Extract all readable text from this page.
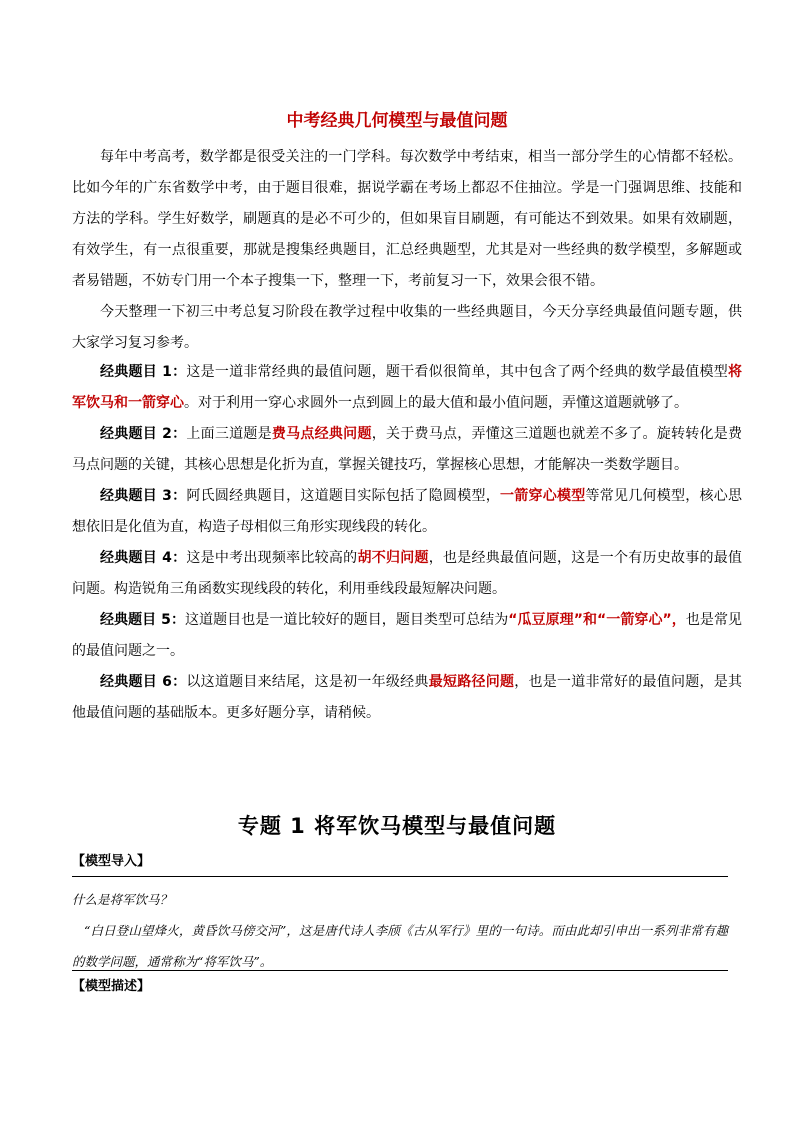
中考经典几何模型与最值问题

每年中考高考，数学都是很受关注的一门学科。每次数学中考结束，相当一部分学生的心情都不轻松。比如今年的广东省数学中考，由于题目很难，据说学霸在考场上都忍不住抽泣。学是一门强调思维、技能和方法的学科。学生好数学，刷题真的是必不可少的，但如果盲目刷题，有可能达不到效果。如果有效刷题，有效学生，有一点很重要，那就是搜集经典题目，汇总经典题型，尤其是对一些经典的数学模型，多解题或者易错题，不妨专门用一个本子搜集一下，整理一下，考前复习一下，效果会很不错。

今天整理一下初三中考总复习阶段在教学过程中收集的一些经典题目，今天分享经典最值问题专题，供大家学习复习参考。

经典题目 1：这是一道非常经典的最值问题，题干看似很简单，其中包含了两个经典的数学最值模型将军饮马和一箭穿心。对于利用一穿心求圆外一点到圆上的最大值和最小值问题，弄懂这道题就够了。

经典题目 2：上面三道题是费马点经典问题，关于费马点，弄懂这三道题也就差不多了。旋转转化是费马点问题的关键，其核心思想是化折为直，掌握关键技巧，掌握核心思想，才能解决一类数学题目。

经典题目 3：阿氏圆经典题目，这道题目实际包括了隐圆模型，一箭穿心模型等常见几何模型，核心思想依旧是化值为直，构造子母相似三角形实现线段的转化。

经典题目 4：这是中考出现频率比较高的胡不归问题，也是经典最值问题，这是一个有历史故事的最值问题。构造锐角三角函数实现线段的转化，利用垂线段最短解决问题。

经典题目 5：这道题目也是一道比较好的题目，题目类型可总结为“瓜豆原理”和“一箭穿心”，也是常见的最值问题之一。

经典题目 6：以这道题目来结尾，这是初一年级经典最短路径问题，也是一道非常好的最值问题，是其他最值问题的基础版本。更多好题分享，请稍候。

专题 1 将军饮马模型与最值问题
【模型导入】

什么是将军饮马？

“白日登山望烽火，黄昏饮马傍交河”，这是唐代诗人李颀《古从军行》里的一句诗。而由此却引申出一系列非常有趣的数学问题，通常称为“将军饮马”。

【模型描述】
